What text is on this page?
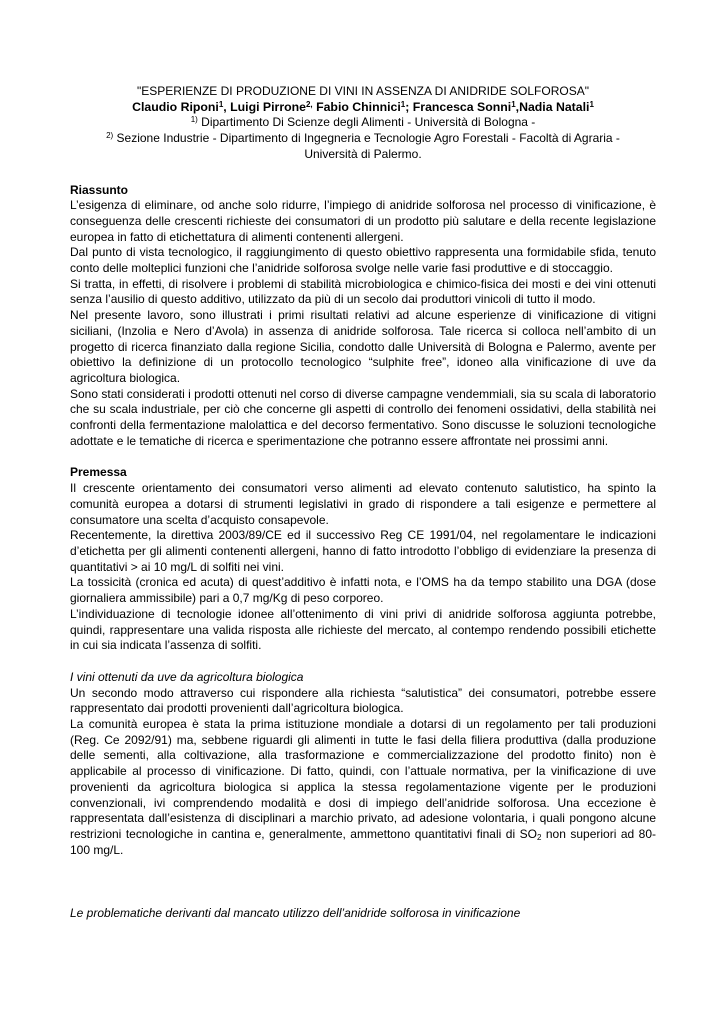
"ESPERIENZE DI PRODUZIONE DI VINI IN ASSENZA DI ANIDRIDE SOLFOROSA"
Claudio Riponi$^1$, Luigi Pirrone$^{2,}$ Fabio Chinnici$^1$; Francesca Sonni$^1$,Nadia Natali$^1$
$^{1)}$ Dipartimento Di Scienze degli Alimenti - Università di Bologna -
$^{2)}$ Sezione Industrie - Dipartimento di Ingegneria e Tecnologie Agro Forestali - Facoltà di Agraria -
Università di Palermo.
Riassunto

L’esigenza di eliminare, od anche solo ridurre, l’impiego di anidride solforosa nel processo di vinificazione, è conseguenza delle crescenti richieste dei consumatori di un prodotto più salutare e della recente legislazione europea in fatto di etichettatura di alimenti contenenti allergeni.

Dal punto di vista tecnologico, il raggiungimento di questo obiettivo rappresenta una formidabile sfida, tenuto conto delle molteplici funzioni che l’anidride solforosa svolge nelle varie fasi produttive e di stoccaggio.

Si tratta, in effetti, di risolvere i problemi di stabilità microbiologica e chimico-fisica dei mosti e dei vini ottenuti senza l’ausilio di questo additivo, utilizzato da più di un secolo dai produttori vinicoli di tutto il modo.

Nel presente lavoro, sono illustrati i primi risultati relativi ad alcune esperienze di vinificazione di vitigni siciliani, (Inzolia e Nero d’Avola) in assenza di anidride solforosa. Tale ricerca si colloca nell’ambito di un progetto di ricerca finanziato dalla regione Sicilia, condotto dalle Università di Bologna e Palermo, avente per obiettivo la definizione di un protocollo tecnologico “sulphite free”, idoneo alla vinificazione di uve da agricoltura biologica.

Sono stati considerati i prodotti ottenuti nel corso di diverse campagne vendemmiali, sia su scala di laboratorio che su scala industriale, per ciò che concerne gli aspetti di controllo dei fenomeni ossidativi, della stabilità nei confronti della fermentazione malolattica e del decorso fermentativo. Sono discusse le soluzioni tecnologiche adottate e le tematiche di ricerca e sperimentazione che potranno essere affrontate nei prossimi anni.

Premessa

Il crescente orientamento dei consumatori verso alimenti ad elevato contenuto salutistico, ha spinto la comunità europea a dotarsi di strumenti legislativi in grado di rispondere a tali esigenze e permettere al consumatore una scelta d’acquisto consapevole.

Recentemente, la direttiva 2003/89/CE ed il successivo Reg CE 1991/04, nel regolamentare le indicazioni d’etichetta per gli alimenti contenenti allergeni, hanno di fatto introdotto l’obbligo di evidenziare la presenza di quantitativi > ai 10 mg/L di solfiti nei vini.

La tossicità (cronica ed acuta) di quest’additivo è infatti nota, e l’OMS ha da tempo stabilito una DGA (dose giornaliera ammissibile) pari a 0,7 mg/Kg di peso corporeo.

L’individuazione di tecnologie idonee all’ottenimento di vini privi di anidride solforosa aggiunta potrebbe, quindi, rappresentare una valida risposta alle richieste del mercato, al contempo rendendo possibili etichette in cui sia indicata l’assenza di solfiti.

I vini ottenuti da uve da agricoltura biologica

Un secondo modo attraverso cui rispondere alla richiesta “salutistica” dei consumatori, potrebbe essere rappresentato dai prodotti provenienti dall’agricoltura biologica.

La comunità europea è stata la prima istituzione mondiale a dotarsi di un regolamento per tali produzioni (Reg. Ce 2092/91) ma, sebbene riguardi gli alimenti in tutte le fasi della filiera produttiva (dalla produzione delle sementi, alla coltivazione, alla trasformazione e commercializzazione del prodotto finito) non è applicabile al processo di vinificazione. Di fatto, quindi, con l’attuale normativa, per la vinificazione di uve provenienti da agricoltura biologica si applica la stessa regolamentazione vigente per le produzioni convenzionali, ivi comprendendo modalità e dosi di impiego dell’anidride solforosa. Una eccezione è rappresentata dall’esistenza di disciplinari a marchio privato, ad adesione volontaria, i quali pongono alcune restrizioni tecnologiche in cantina e, generalmente, ammettono quantitativi finali di $SO_2$ non superiori ad 80-100 mg/L.

Le problematiche derivanti dal mancato utilizzo dell’anidride solforosa in vinificazione
